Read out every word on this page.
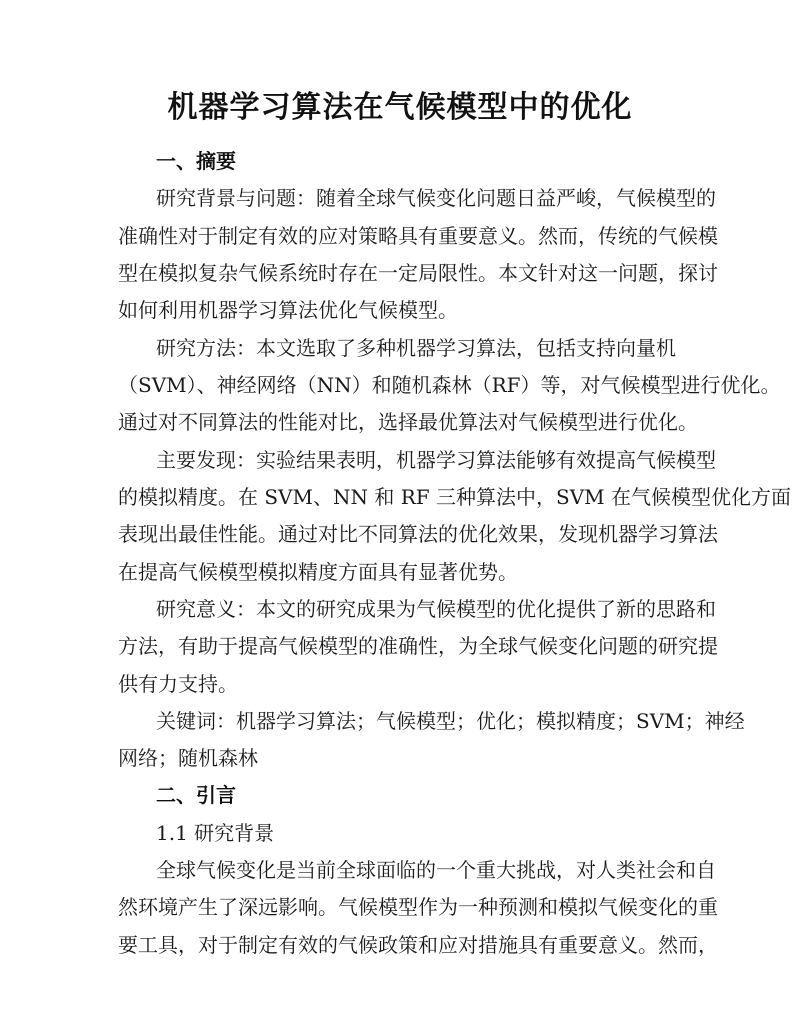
机器学习算法在气候模型中的优化
一、摘要
研究背景与问题：随着全球气候变化问题日益严峻，气候模型的
准确性对于制定有效的应对策略具有重要意义。然而，传统的气候模
型在模拟复杂气候系统时存在一定局限性。本文针对这一问题，探讨
如何利用机器学习算法优化气候模型。
研究方法：本文选取了多种机器学习算法，包括支持向量机
（SVM）、神经网络（NN）和随机森林（RF）等，对气候模型进行优化。
通过对不同算法的性能对比，选择最优算法对气候模型进行优化。
主要发现：实验结果表明，机器学习算法能够有效提高气候模型
的模拟精度。在 SVM、NN 和 RF 三种算法中，SVM 在气候模型优化方面
表现出最佳性能。通过对比不同算法的优化效果，发现机器学习算法
在提高气候模型模拟精度方面具有显著优势。
研究意义：本文的研究成果为气候模型的优化提供了新的思路和
方法，有助于提高气候模型的准确性，为全球气候变化问题的研究提
供有力支持。
关键词：机器学习算法；气候模型；优化；模拟精度；SVM；神经
网络；随机森林
二、引言
1.1 研究背景
全球气候变化是当前全球面临的一个重大挑战，对人类社会和自
然环境产生了深远影响。气候模型作为一种预测和模拟气候变化的重
要工具，对于制定有效的气候政策和应对措施具有重要意义。然而，
